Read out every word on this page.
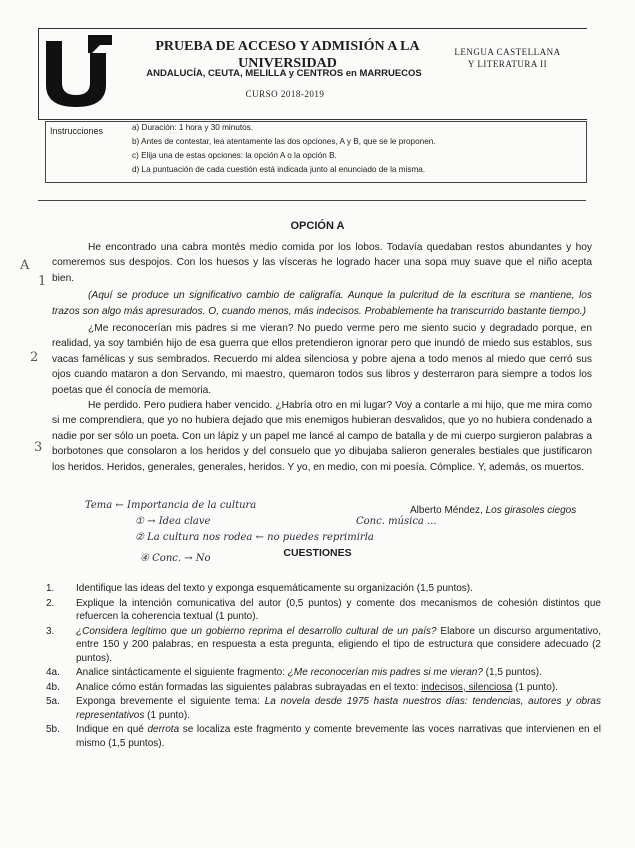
PRUEBA DE ACCESO Y ADMISIÓN A LA UNIVERSIDAD
ANDALUCÍA, CEUTA, MELILLA y CENTROS en MARRUECOS
CURSO 2018-2019
LENGUA CASTELLANA
Y LITERATURA II
Instrucciones	a) Duración: 1 hora y 30 minutos.
b) Antes de contestar, lea atentamente las dos opciones, A y B, que se le proponen.
c) Elija una de estas opciones: la opción A o la opción B.
d) La puntuación de cada cuestión está indicada junto al enunciado de la misma.
OPCIÓN A

He encontrado una cabra montés medio comida por los lobos. Todavía quedaban restos abundantes y hoy comeremos sus despojos. Con los huesos y las vísceras he logrado hacer una sopa muy suave que el niño acepta bien.

(Aquí se produce un significativo cambio de caligrafía. Aunque la pulcritud de la escritura se mantiene, los trazos son algo más apresurados. O, cuando menos, más indecisos. Probablemente ha transcurrido bastante tiempo.)

¿Me reconocerían mis padres si me vieran? No puedo verme pero me siento sucio y degradado porque, en realidad, ya soy también hijo de esa guerra que ellos pretendieron ignorar pero que inundó de miedo sus establos, sus vacas famélicas y sus sembrados. Recuerdo mi aldea silenciosa y pobre ajena a todo menos al miedo que cerró sus ojos cuando mataron a don Servando, mi maestro, quemaron todos sus libros y desterraron para siempre a todos los poetas que él conocía de memoria.

He perdido. Pero pudiera haber vencido. ¿Habría otro en mi lugar? Voy a contarle a mi hijo, que me mira como si me comprendiera, que yo no hubiera dejado que mis enemigos hubieran desvalidos, que yo no hubiera condenado a nadie por ser sólo un poeta. Con un lápiz y un papel me lancé al campo de batalla y de mi cuerpo surgieron palabras a borbotones que consolaron a los heridos y del consuelo que yo dibujaba salieron generales bestiales que justificaron los heridos. Heridos, generales, generales, heridos. Y yo, en medio, con mi poesía. Cómplice. Y, además, os muertos.

Alberto Méndez, Los girasoles ciegos
Tema ← Importancia de la cultura
① → Idea clave
② La cultura nos rodea ← no puedes reprimirla
④ Conc. → No
Conc. música ...
A
1
2
3
CUESTIONES
1.	Identifique las ideas del texto y exponga esquemáticamente su organización (1,5 puntos).
2.	Explique la intención comunicativa del autor (0,5 puntos) y comente dos mecanismos de cohesión distintos que refuercen la coherencia textual (1 punto).
3.	¿Considera legítimo que un gobierno reprima el desarrollo cultural de un país? Elabore un discurso argumentativo, entre 150 y 200 palabras, en respuesta a esta pregunta, eligiendo el tipo de estructura que considere adecuado (2 puntos).
4a.	Analice sintácticamente el siguiente fragmento: ¿Me reconocerían mis padres si me vieran? (1,5 puntos).
4b.	Analice cómo están formadas las siguientes palabras subrayadas en el texto: indecisos, silenciosa (1 punto).
5a.	Exponga brevemente el siguiente tema: La novela desde 1975 hasta nuestros días: tendencias, autores y obras representativos (1 punto).
5b.	Indique en qué derrota se localiza este fragmento y comente brevemente las voces narrativas que intervienen en el mismo (1,5 puntos).
